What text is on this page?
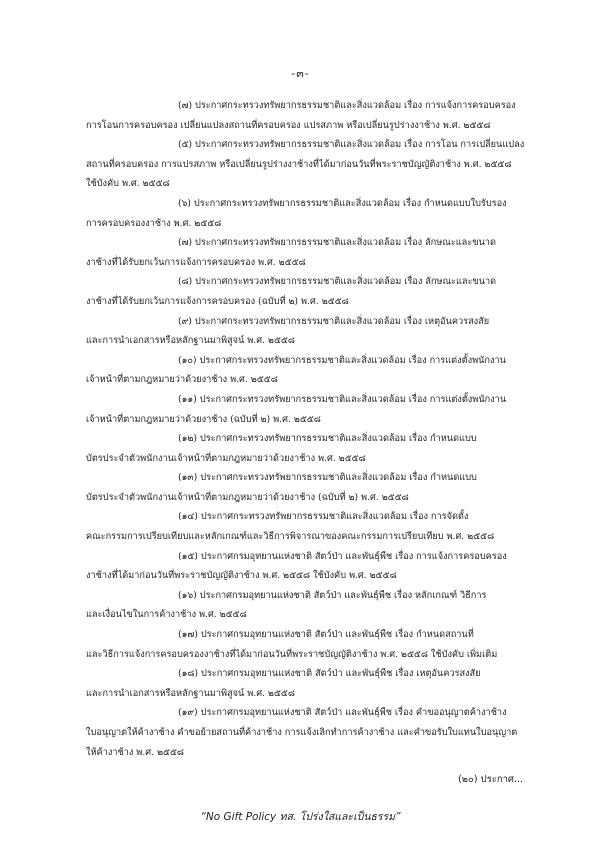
-๓-
(๗) ประกาศกระทรวงทรัพยากรธรรมชาติและสิ่งแวดล้อม เรื่อง การแจ้งการครอบครอง
การโอนการครอบครอง เปลี่ยนแปลงสถานที่ครอบครอง แปรสภาพ หรือเปลี่ยนรูปร่างงาช้าง พ.ศ. ๒๕๕๘
(๕) ประกาศกระทรวงทรัพยากรธรรมชาติและสิ่งแวดล้อม เรื่อง การโอน การเปลี่ยนแปลง
สถานที่ครอบครอง การแปรสภาพ หรือเปลี่ยนรูปร่างงาช้างที่ได้มาก่อนวันที่พระราชบัญญัติงาช้าง พ.ศ. ๒๕๕๘
ใช้บังคับ พ.ศ. ๒๕๕๘
(๖) ประกาศกระทรวงทรัพยากรธรรมชาติและสิ่งแวดล้อม เรื่อง กำหนดแบบใบรับรอง
การครอบครองงาช้าง พ.ศ. ๒๕๕๘
(๗) ประกาศกระทรวงทรัพยากรธรรมชาติและสิ่งแวดล้อม เรื่อง ลักษณะและขนาด
งาช้างที่ได้รับยกเว้นการแจ้งการครอบครอง พ.ศ. ๒๕๕๘
(๘) ประกาศกระทรวงทรัพยากรธรรมชาติและสิ่งแวดล้อม เรื่อง ลักษณะและขนาด
งาช้างที่ได้รับยกเว้นการแจ้งการครอบครอง (ฉบับที่ ๒) พ.ศ. ๒๕๕๘
(๙) ประกาศกระทรวงทรัพยากรธรรมชาติและสิ่งแวดล้อม เรื่อง เหตุอันควรสงสัย
และการนำเอกสารหรือหลักฐานมาพิสูจน์ พ.ศ. ๒๕๕๘
(๑๐) ประกาศกระทรวงทรัพยากรธรรมชาติและสิ่งแวดล้อม เรื่อง การแต่งตั้งพนักงาน
เจ้าหน้าที่ตามกฎหมายว่าด้วยงาช้าง พ.ศ. ๒๕๕๘
(๑๑) ประกาศกระทรวงทรัพยากรธรรมชาติและสิ่งแวดล้อม เรื่อง การแต่งตั้งพนักงาน
เจ้าหน้าที่ตามกฎหมายว่าด้วยงาช้าง (ฉบับที่ ๒) พ.ศ. ๒๕๕๘
(๑๒) ประกาศกระทรวงทรัพยากรธรรมชาติและสิ่งแวดล้อม เรื่อง กำหนดแบบ
บัตรประจำตัวพนักงานเจ้าหน้าที่ตามกฎหมายว่าด้วยงาช้าง พ.ศ. ๒๕๕๘
(๑๓) ประกาศกระทรวงทรัพยากรธรรมชาติและสิ่งแวดล้อม เรื่อง กำหนดแบบ
บัตรประจำตัวพนักงานเจ้าหน้าที่ตามกฎหมายว่าด้วยงาช้าง (ฉบับที่ ๒) พ.ศ. ๒๕๕๘
(๑๔) ประกาศกระทรวงทรัพยากรธรรมชาติและสิ่งแวดล้อม เรื่อง การจัดตั้ง
คณะกรรมการเปรียบเทียบและหลักเกณฑ์และวิธีการพิจารณาของคณะกรรมการเปรียบเทียบ พ.ศ. ๒๕๕๘
(๑๕) ประกาศกรมอุทยานแห่งชาติ สัตว์ป่า และพันธุ์พืช เรื่อง การแจ้งการครอบครอง
งาช้างที่ได้มาก่อนวันที่พระราชบัญญัติงาช้าง พ.ศ. ๒๕๕๘ ใช้บังคับ พ.ศ. ๒๕๕๘
(๑๖) ประกาศกรมอุทยานแห่งชาติ สัตว์ป่า และพันธุ์พืช เรื่อง หลักเกณฑ์ วิธีการ
และเงื่อนไขในการค้างาช้าง พ.ศ. ๒๕๕๘
(๑๗) ประกาศกรมอุทยานแห่งชาติ สัตว์ป่า และพันธุ์พืช เรื่อง กำหนดสถานที่
และวิธีการแจ้งการครอบครองงาช้างที่ได้มาก่อนวันที่พระราชบัญญัติงาช้าง พ.ศ. ๒๕๕๘ ใช้บังคับ เพิ่มเติม
(๑๘) ประกาศกรมอุทยานแห่งชาติ สัตว์ป่า และพันธุ์พืช เรื่อง เหตุอันควรสงสัย
และการนำเอกสารหรือหลักฐานมาพิสูจน์ พ.ศ. ๒๕๕๘
(๑๙) ประกาศกรมอุทยานแห่งชาติ สัตว์ป่า และพันธุ์พืช เรื่อง คำขออนุญาตค้างาช้าง
ใบอนุญาตให้ค้างาช้าง คำขอย้ายสถานที่ค้างาช้าง การแจ้งเลิกทำการค้างาช้าง และคำขอรับใบแทนใบอนุญาต
ให้ค้างาช้าง พ.ศ. ๒๕๕๘
(๒๐) ประกาศ...
“No Gift Policy ทส. โปร่งใสและเป็นธรรม”
